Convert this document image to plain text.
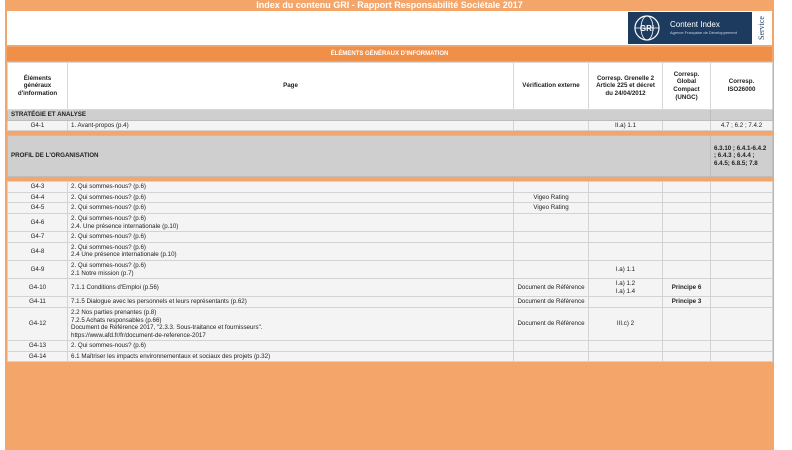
Index du contenu GRI - Rapport Responsabilité Sociétale 2017
GRI Content Index
Agence Française de Développement Service
ÉLÉMENTS GÉNÉRAUX D'INFORMATION
Éléments généraux d'information	Page	Vérification externe	Corresp. Grenelle 2 Article 225 et décret du 24/04/2012	Corresp. Global Compact (UNGC)	Corresp. ISO26000
STRATÉGIE ET ANALYSE					
G4-1	1. Avant-propos (p.4)		II.a) 1.1		4.7 ; 6.2 ; 7.4.2

PROFIL DE L'ORGANISATION					6.3.10 ; 6.4.1-6.4.2 ; 6.4.3 ; 6.4.4 ; 6.4.5; 6.8.5; 7.8

G4-3	2. Qui sommes-nous? (p.6)				

G4-4	2. Qui sommes-nous? (p.6)	Vigeo Rating			
G4-5	2. Qui sommes-nous? (p.6)	Vigeo Rating			
G4-6	2. Qui sommes-nous? (p.6)
2.4. Une présence internationale (p.10)				

G4-7	2. Qui sommes-nous? (p.6)				

G4-8	2. Qui sommes-nous? (p.6)
2.4 Une présence internationale (p.10)				

G4-9	2. Qui sommes-nous? (p.6)
2.1 Notre mission (p.7)		I.a) 1.1		
G4-10	7.1.1 Conditions d'Emploi (p.56)	Document de Référence	I.a) 1.2
I.a) 1.4	Principe 6	
G4-11	7.1.5 Dialogue avec les personnels et leurs représentants (p.62)	Document de Référence		Principe 3	
G4-12	2.2 Nos parties prenantes (p.8)
7.2.5 Achats responsables (p.66)
Document de Référence 2017, "2.3.3. Sous-traitance et fournisseurs".
https://www.afd.fr/fr/document-de-reference-2017	Document de Référence	III.c) 2		
G4-13	2. Qui sommes-nous? (p.6)				

G4-14	6.1 Maîtriser les impacts environnementaux et sociaux des projets (p.32)				
